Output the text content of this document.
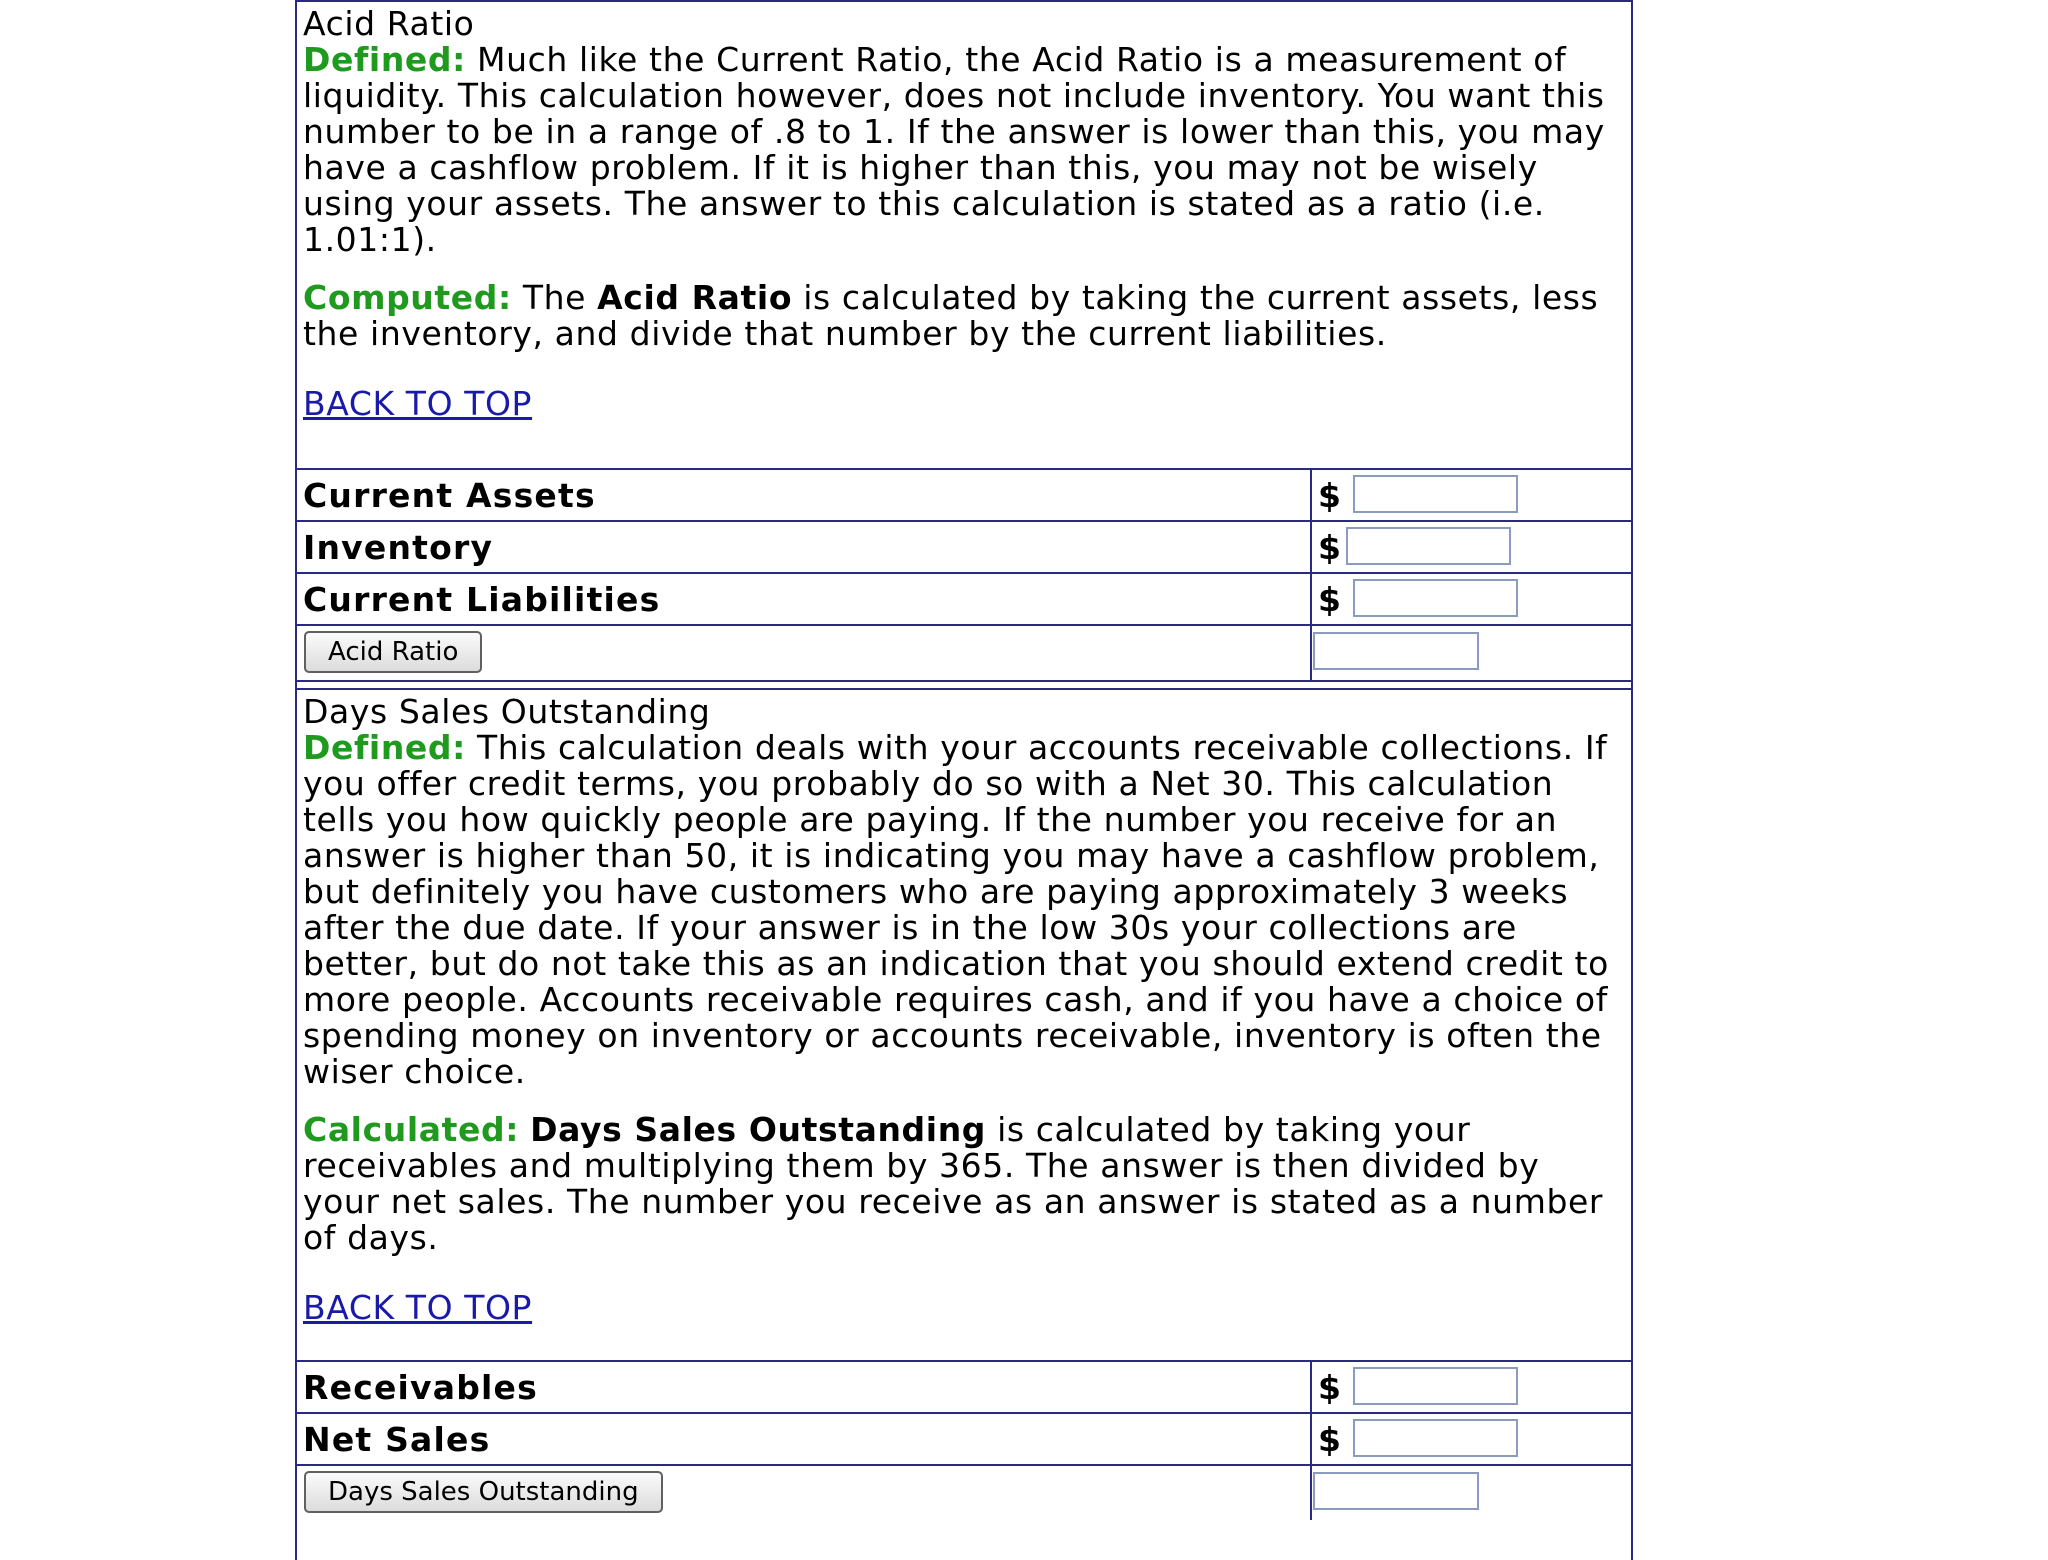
Acid Ratio
Defined: Much like the Current Ratio, the Acid Ratio is a measurement of liquidity. This calculation however, does not include inventory. You want this number to be in a range of .8 to 1. If the answer is lower than this, you may have a cashflow problem. If it is higher than this, you may not be wisely using your assets. The answer to this calculation is stated as a ratio (i.e. 1.01:1).
Computed: The Acid Ratio is calculated by taking the current assets, less the inventory, and divide that number by the current liabilities.
BACK TO TOP
Current Assets	$
Inventory	$
Current Liabilities	$
Acid Ratio
Days Sales Outstanding
Defined: This calculation deals with your accounts receivable collections. If you offer credit terms, you probably do so with a Net 30. This calculation tells you how quickly people are paying. If the number you receive for an answer is higher than 50, it is indicating you may have a cashflow problem, but definitely you have customers who are paying approximately 3 weeks after the due date. If your answer is in the low 30s your collections are better, but do not take this as an indication that you should extend credit to more people. Accounts receivable requires cash, and if you have a choice of spending money on inventory or accounts receivable, inventory is often the wiser choice.
Calculated: Days Sales Outstanding is calculated by taking your receivables and multiplying them by 365. The answer is then divided by your net sales. The number you receive as an answer is stated as a number of days.
BACK TO TOP
Receivables	$
Net Sales	$
Days Sales Outstanding
